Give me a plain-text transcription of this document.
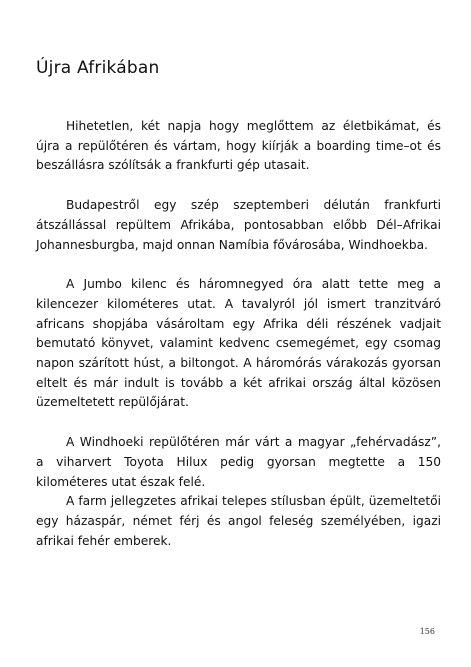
Újra Afrikában

Hihetetlen, két napja hogy meglőttem az életbikámat, és újra a repülőtéren és vártam, hogy kiírják a boarding time–ot és beszállásra szólítsák a frankfurti gép utasait.

Budapestről egy szép szeptemberi délután frankfurti átszállással repültem Afrikába, pontosabban előbb Dél–Afrikai Johannesburgba, majd onnan Namíbia fővárosába, Windhoekba.

A Jumbo kilenc és háromnegyed óra alatt tette meg a kilencezer kilométeres utat. A tavalyról jól ismert tranzitváró africans shopjába vásároltam egy Afrika déli részének vadjait bemutató könyvet, valamint kedvenc csemegémet, egy csomag napon szárított húst, a biltongot. A háromórás várakozás gyorsan eltelt és már indult is tovább a két afrikai ország által közösen üzemeltetett repülőjárat.

A Windhoeki repülőtéren már várt a magyar „fehérvadász”, a viharvert Toyota Hilux pedig gyorsan megtette a 150 kilométeres utat észak felé.

A farm jellegzetes afrikai telepes stílusban épült, üzemeltetői egy házaspár, német férj és angol feleség személyében, igazi afrikai fehér emberek.

156
